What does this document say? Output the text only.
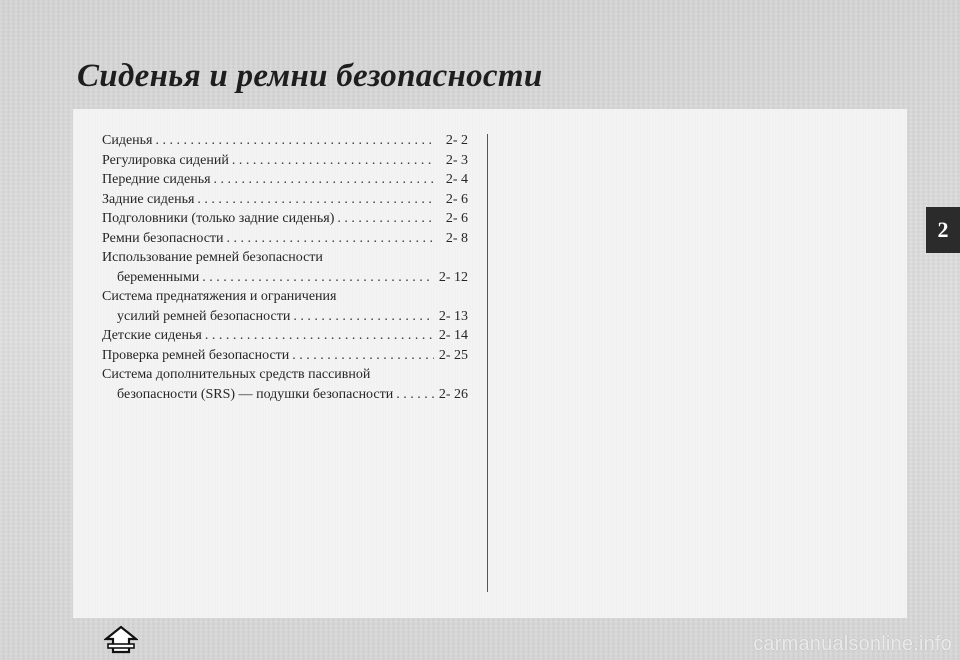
Сиденья и ремни безопасности
Сиденья . . .	2- 2
Регулировка сидений . . .	2- 3
Передние сиденья . . .	2- 4
Задние сиденья . . .	2- 6
Подголовники (только задние сиденья) . . .	2- 6
Ремни безопасности . . .	2- 8
Использование ремней безопасности
беременными . . .	2- 12
Система преднатяжения и ограничения
усилий ремней безопасности . . .	2- 13
Детские сиденья . . .	2- 14
Проверка ремней безопасности . . .	2- 25
Система дополнительных средств пассивной
безопасности (SRS) — подушки безопасности . . .	2- 26
2
carmanualsonline.info
